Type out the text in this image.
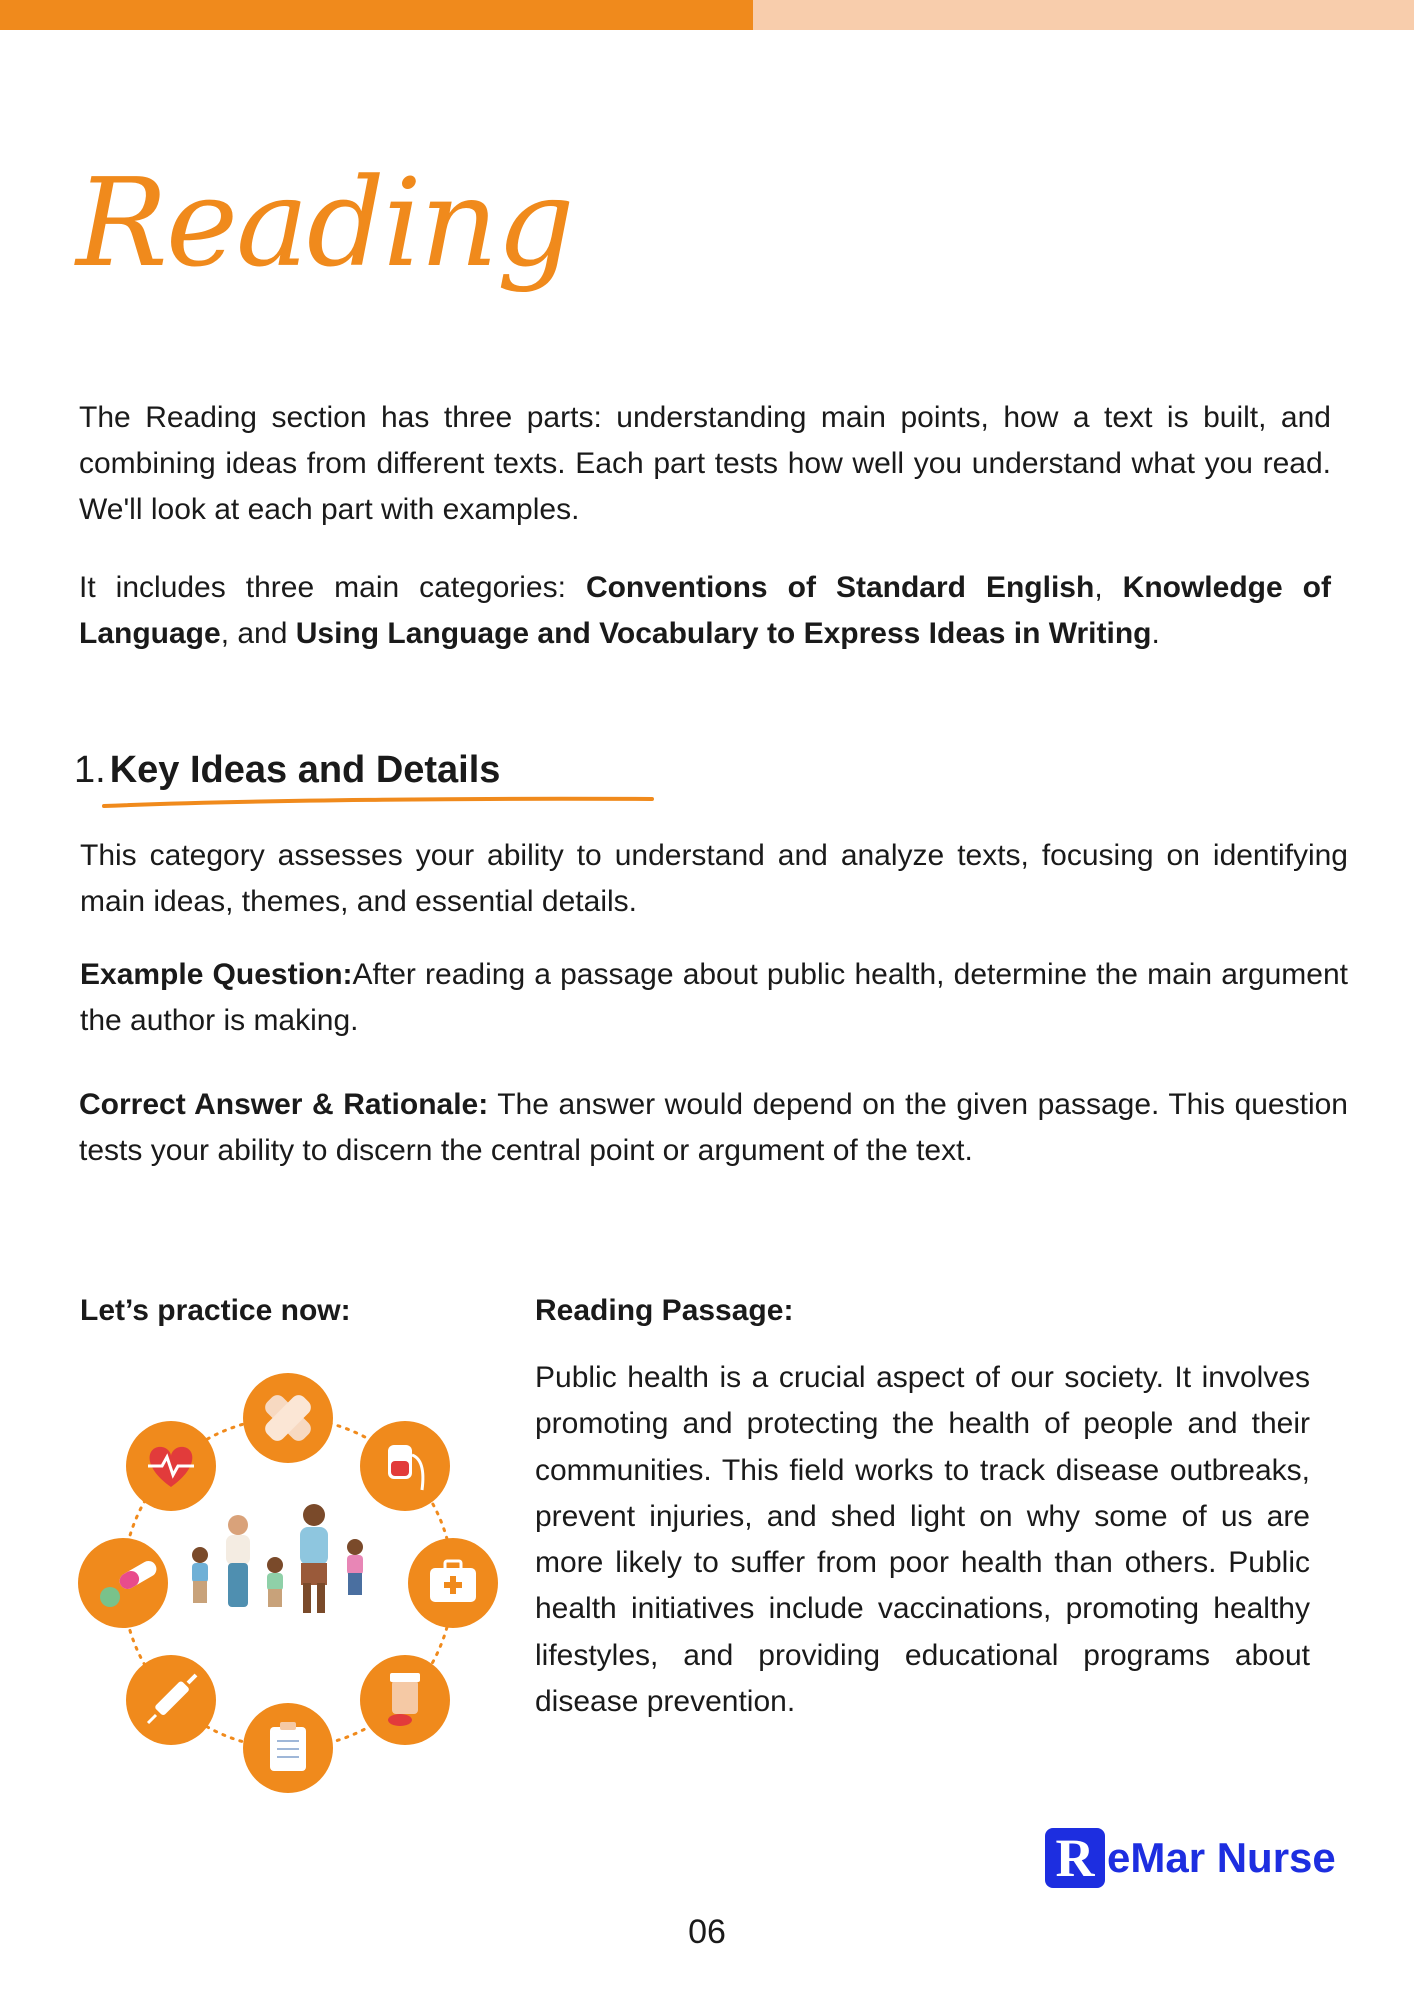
Reading

The Reading section has three parts: understanding main points, how a text is built, and combining ideas from different texts. Each part tests how well you understand what you read. We'll look at each part with examples.

It includes three main categories: Conventions of Standard English, Knowledge of Language, and Using Language and Vocabulary to Express Ideas in Writing.

1. Key Ideas and Details

This category assesses your ability to understand and analyze texts, focusing on identifying main ideas, themes, and essential details.

Example Question:After reading a passage about public health, determine the main argument the author is making.

Correct Answer & Rationale: The answer would depend on the given passage. This question tests your ability to discern the central point or argument of the text.

Let’s practice now:	Reading Passage:

Public health is a crucial aspect of our society. It involves promoting and protecting the health of people and their communities. This field works to track disease outbreaks, prevent injuries, and shed light on why some of us are more likely to suffer from poor health than others. Public health initiatives include vaccinations, promoting healthy lifestyles, and providing educational programs about disease prevention.

R eMar Nurse

06
